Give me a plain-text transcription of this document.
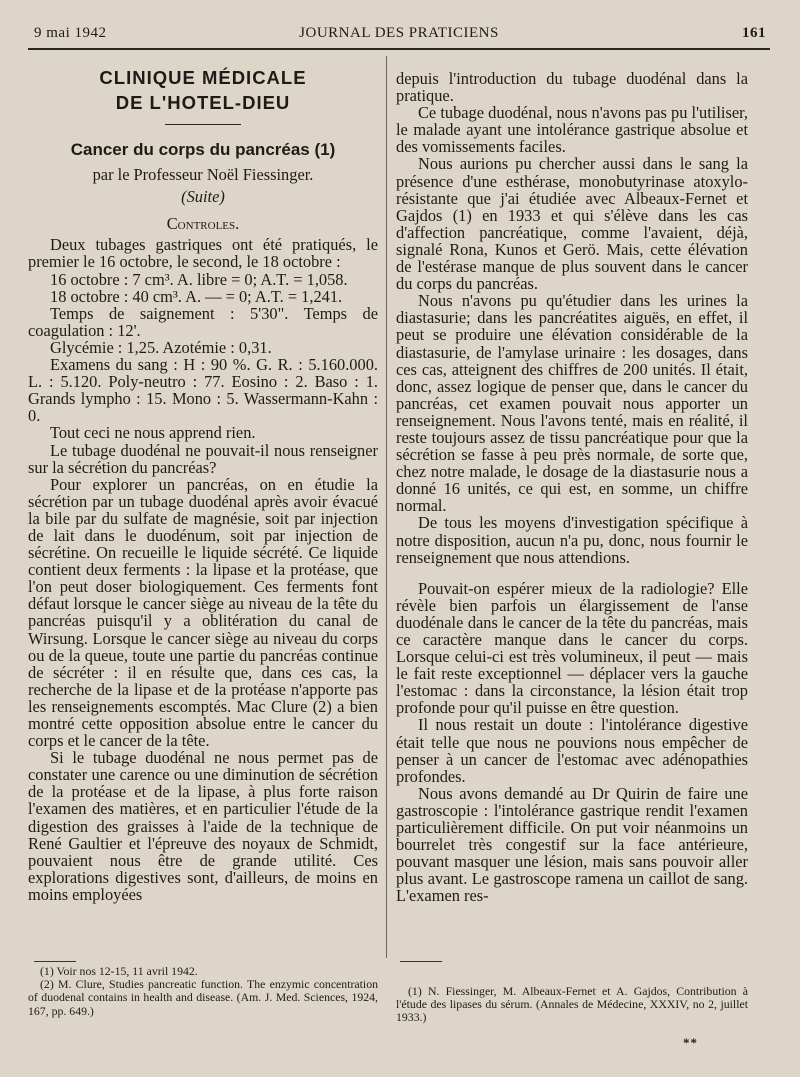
9 mai 1942	JOURNAL DES PRATICIENS	161
CLINIQUE MÉDICALE
DE L'HOTEL-DIEU
Cancer du corps du pancréas (1)
par le Professeur Noël Fiessinger.
(Suite)
Controles.

Deux tubages gastriques ont été pratiqués, le premier le 16 octobre, le second, le 18 octobre :

16 octobre : 7 cm³. A. libre = 0; A.T. = 1,058.

18 octobre : 40 cm³. A. — = 0; A.T. = 1,241.

Temps de saignement : 5'30". Temps de coagulation : 12'.

Glycémie : 1,25. Azotémie : 0,31.

Examens du sang : H : 90 %. G. R. : 5.160.000. L. : 5.120. Poly-neutro : 77. Eosino : 2. Baso : 1. Grands lympho : 15. Mono : 5. Wassermann-Kahn : 0.

Tout ceci ne nous apprend rien.

Le tubage duodénal ne pouvait-il nous renseigner sur la sécrétion du pancréas?

Pour explorer un pancréas, on en étudie la sécrétion par un tubage duodénal après avoir évacué la bile par du sulfate de magnésie, soit par injection de lait dans le duodénum, soit par injection de sécrétine. On recueille le liquide sécrété. Ce liquide contient deux ferments : la lipase et la protéase, que l'on peut doser biologiquement. Ces ferments font défaut lorsque le cancer siège au niveau de la tête du pancréas puisqu'il y a oblitération du canal de Wirsung. Lorsque le cancer siège au niveau du corps ou de la queue, toute une partie du pancréas continue de sécréter : il en résulte que, dans ces cas, la recherche de la lipase et de la protéase n'apporte pas les renseignements escomptés. Mac Clure (2) a bien montré cette opposition absolue entre le cancer du corps et le cancer de la tête.

Si le tubage duodénal ne nous permet pas de constater une carence ou une diminution de sécrétion de la protéase et de la lipase, à plus forte raison l'examen des matières, et en particulier l'étude de la digestion des graisses à l'aide de la technique de René Gaultier et l'épreuve des noyaux de Schmidt, pouvaient nous être de grande utilité. Ces explorations digestives sont, d'ailleurs, de moins en moins employées

depuis l'introduction du tubage duodénal dans la pratique.

Ce tubage duodénal, nous n'avons pas pu l'utiliser, le malade ayant une intolérance gastrique absolue et des vomissements faciles.

Nous aurions pu chercher aussi dans le sang la présence d'une esthérase, monobutyrinase atoxylo-résistante que j'ai étudiée avec Albeaux-Fernet et Gajdos (1) en 1933 et qui s'élève dans les cas d'affection pancréatique, comme l'avaient, déjà, signalé Rona, Kunos et Gerö. Mais, cette élévation de l'estérase manque de plus souvent dans le cancer du corps du pancréas.

Nous n'avons pu qu'étudier dans les urines la diastasurie; dans les pancréatites aiguës, en effet, il peut se produire une élévation considérable de la diastasurie, de l'amylase urinaire : les dosages, dans ces cas, atteignent des chiffres de 200 unités. Il était, donc, assez logique de penser que, dans le cancer du pancréas, cet examen pouvait nous apporter un renseignement. Nous l'avons tenté, mais en réalité, il reste toujours assez de tissu pancréatique pour que la sécrétion se fasse à peu près normale, de sorte que, chez notre malade, le dosage de la diastasurie nous a donné 16 unités, ce qui est, en somme, un chiffre normal.

De tous les moyens d'investigation spécifique à notre disposition, aucun n'a pu, donc, nous fournir le renseignement que nous attendions.

Pouvait-on espérer mieux de la radiologie? Elle révèle bien parfois un élargissement de l'anse duodénale dans le cancer de la tête du pancréas, mais ce caractère manque dans le cancer du corps. Lorsque celui-ci est très volumineux, il peut — mais le fait reste exceptionnel — déplacer vers la gauche l'estomac : dans la circonstance, la lésion était trop profonde pour qu'il puisse en être question.

Il nous restait un doute : l'intolérance digestive était telle que nous ne pouvions nous empêcher de penser à un cancer de l'estomac avec adénopathies profondes.

Nous avons demandé au Dr Quirin de faire une gastroscopie : l'intolérance gastrique rendit l'examen particulièrement difficile. On put voir néanmoins un bourrelet très congestif sur la face antérieure, pouvant masquer une lésion, mais sans pouvoir aller plus avant. Le gastroscope ramena un caillot de sang. L'examen res-

(1) Voir nos 12-15, 11 avril 1942.

(2) M. Clure, Studies pancreatic function. The enzymic concentration of duodenal contains in health and disease. (Am. J. Med. Sciences, 1924, 167, pp. 649.)

(1) N. Fiessinger, M. Albeaux-Fernet et A. Gajdos, Contribution à l'étude des lipases du sérum. (Annales de Médecine, XXXIV, no 2, juillet 1933.)

**
